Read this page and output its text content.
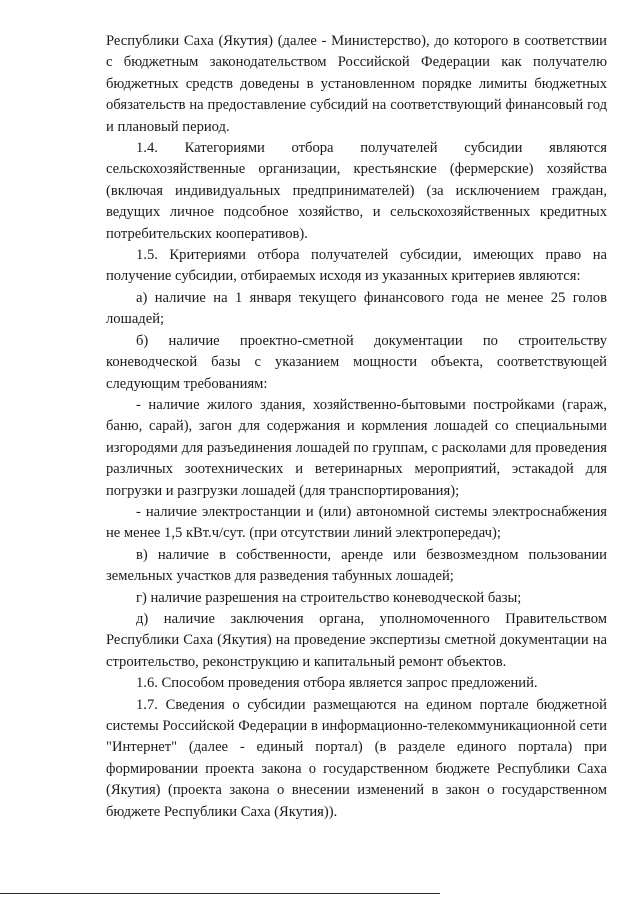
Республики Саха (Якутия) (далее - Министерство), до которого в соответствии с бюджетным законодательством Российской Федерации как получателю бюджетных средств доведены в установленном порядке лимиты бюджетных обязательств на предоставление субсидий на соответствующий финансовый год и плановый период.

1.4. Категориями отбора получателей субсидии являются сельскохозяйственные организации, крестьянские (фермерские) хозяйства (включая индивидуальных предпринимателей) (за исключением граждан, ведущих личное подсобное хозяйство, и сельскохозяйственных кредитных потребительских кооперативов).

1.5. Критериями отбора получателей субсидии, имеющих право на получение субсидии, отбираемых исходя из указанных критериев являются:

а) наличие на 1 января текущего финансового года не менее 25 голов лошадей;

б) наличие проектно-сметной документации по строительству коневодческой базы с указанием мощности объекта, соответствующей следующим требованиям:

- наличие жилого здания, хозяйственно-бытовыми постройками (гараж, баню, сарай), загон для содержания и кормления лошадей со специальными изгородями для разъединения лошадей по группам, с расколами для проведения различных зоотехнических и ветеринарных мероприятий, эстакадой для погрузки и разгрузки лошадей (для транспортирования);

- наличие электростанции и (или) автономной системы электроснабжения не менее 1,5 кВт.ч/сут. (при отсутствии линий электропередач);

в) наличие в собственности, аренде или безвозмездном пользовании земельных участков для разведения табунных лошадей;

г) наличие разрешения на строительство коневодческой базы;

д) наличие заключения органа, уполномоченного Правительством Республики Саха (Якутия) на проведение экспертизы сметной документации на строительство, реконструкцию и капитальный ремонт объектов.

1.6. Способом проведения отбора является запрос предложений.

1.7. Сведения о субсидии размещаются на едином портале бюджетной системы Российской Федерации в информационно-телекоммуникационной сети "Интернет" (далее - единый портал) (в разделе единого портала) при формировании проекта закона о государственном бюджете Республики Саха (Якутия) (проекта закона о внесении изменений в закон о государственном бюджете Республики Саха (Якутия)).
